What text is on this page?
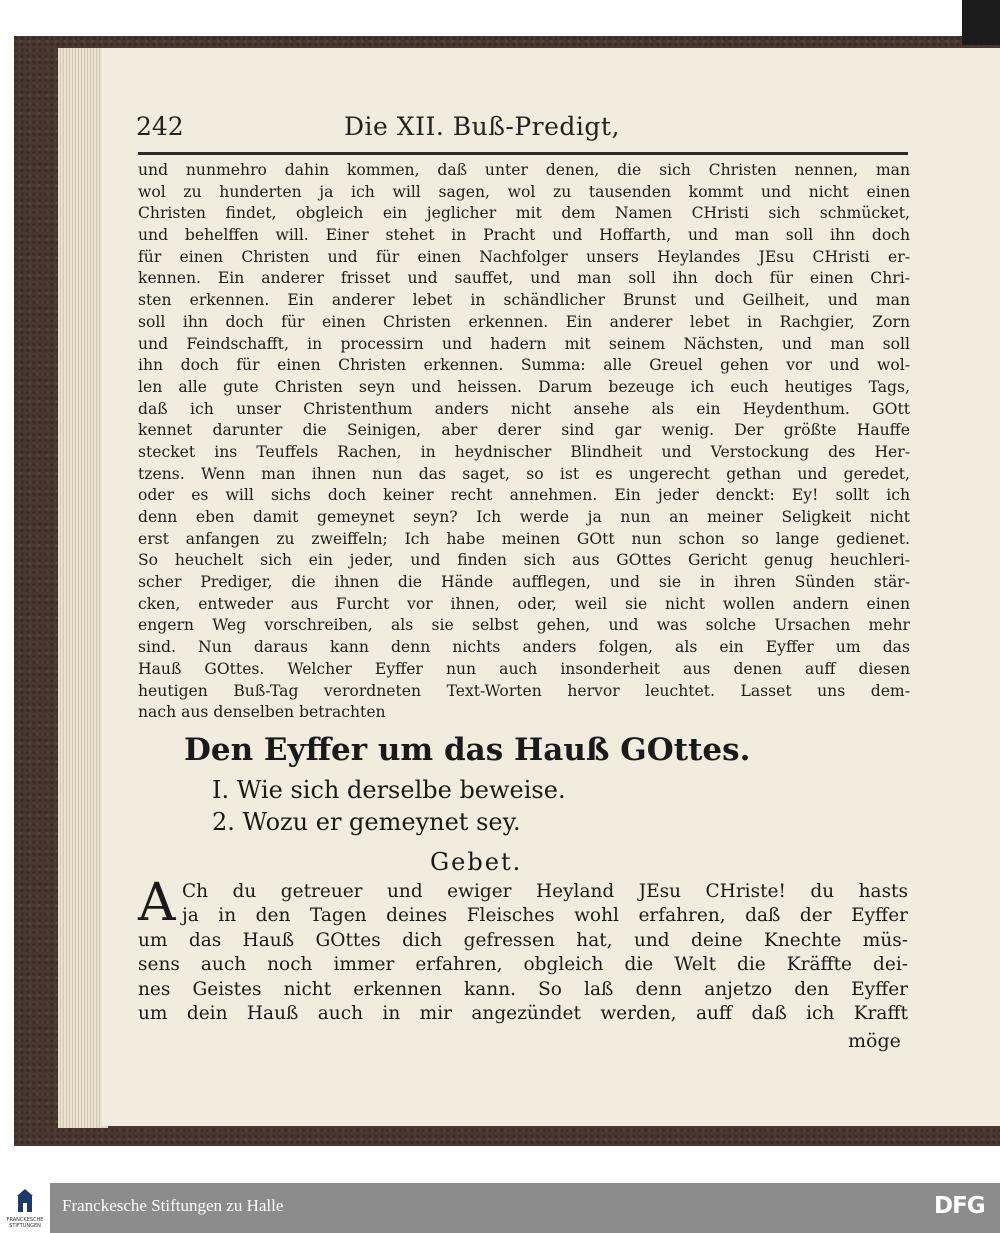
242	Die XII. Buß-Predigt,
und nunmehro dahin kommen, daß unter denen, die sich Christen nennen, man
wol zu hunderten ja ich will sagen, wol zu tausenden kommt und nicht einen
Christen findet, obgleich ein jeglicher mit dem Namen CHristi sich schmücket,
und behelffen will. Einer stehet in Pracht und Hoffarth, und man soll ihn doch
für einen Christen und für einen Nachfolger unsers Heylandes JEsu CHristi er-
kennen. Ein anderer frisset und sauffet, und man soll ihn doch für einen Chri-
sten erkennen. Ein anderer lebet in schändlicher Brunst und Geilheit, und man
soll ihn doch für einen Christen erkennen. Ein anderer lebet in Rachgier, Zorn
und Feindschafft, in processirn und hadern mit seinem Nächsten, und man soll
ihn doch für einen Christen erkennen. Summa: alle Greuel gehen vor und wol-
len alle gute Christen seyn und heissen. Darum bezeuge ich euch heutiges Tags,
daß ich unser Christenthum anders nicht ansehe als ein Heydenthum. GOtt
kennet darunter die Seinigen, aber derer sind gar wenig. Der größte Hauffe
stecket ins Teuffels Rachen, in heydnischer Blindheit und Verstockung des Her-
tzens. Wenn man ihnen nun das saget, so ist es ungerecht gethan und geredet,
oder es will sichs doch keiner recht annehmen. Ein jeder denckt: Ey! sollt ich
denn eben damit gemeynet seyn? Ich werde ja nun an meiner Seligkeit nicht
erst anfangen zu zweiffeln; Ich habe meinen GOtt nun schon so lange gedienet.
So heuchelt sich ein jeder, und finden sich aus GOttes Gericht genug heuchleri-
scher Prediger, die ihnen die Hände aufflegen, und sie in ihren Sünden stär-
cken, entweder aus Furcht vor ihnen, oder, weil sie nicht wollen andern einen
engern Weg vorschreiben, als sie selbst gehen, und was solche Ursachen mehr
sind. Nun daraus kann denn nichts anders folgen, als ein Eyffer um das
Hauß GOttes. Welcher Eyffer nun auch insonderheit aus denen auff diesen
heutigen Buß-Tag verordneten Text-Worten hervor leuchtet. Lasset uns dem-
nach aus denselben betrachten
Den Eyffer um das Hauß GOttes.
I. Wie sich derselbe beweise.
2. Wozu er gemeynet sey.
Gebet.
A Ch du getreuer und ewiger Heyland JEsu CHriste! du hasts
ja in den Tagen deines Fleisches wohl erfahren, daß der Eyffer
um das Hauß GOttes dich gefressen hat, und deine Knechte müs-
sens auch noch immer erfahren, obgleich die Welt die Kräffte dei-
nes Geistes nicht erkennen kann. So laß denn anjetzo den Eyffer
um dein Hauß auch in mir angezündet werden, auff daß ich Krafft
möge
FRANCKESCHE STIFTUNGEN
Franckesche Stiftungen zu Halle	DFG
